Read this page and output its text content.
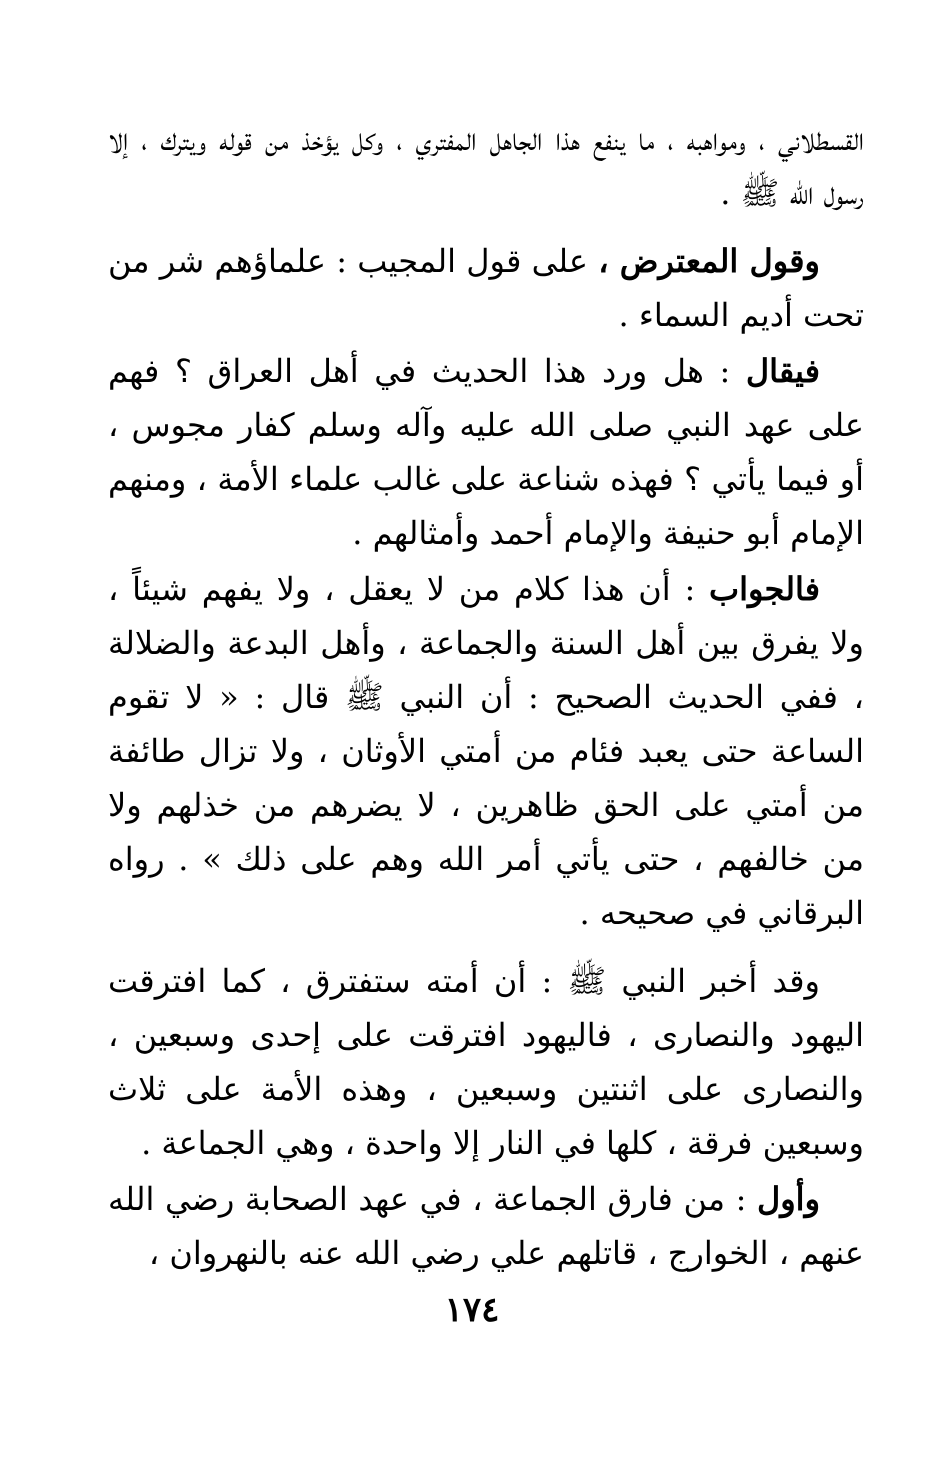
القسطلاني ، ومواهبه ، ما ينفع هذا الجاهل المفتري ، وكل يؤخذ من قوله ويترك ، إلا رسول الله ﷺ .

وقول المعترض ، على قول المجيب : علماؤهم شر من تحت أديم السماء .

فيقال : هل ورد هذا الحديث في أهل العراق ؟ فهم على عهد النبي صلى الله عليه وآله وسلم كفار مجوس ، أو فيما يأتي ؟ فهذه شناعة على غالب علماء الأمة ، ومنهم الإمام أبو حنيفة والإمام أحمد وأمثالهم .

فالجواب : أن هذا كلام من لا يعقل ، ولا يفهم شيئاً ، ولا يفرق بين أهل السنة والجماعة ، وأهل البدعة والضلالة ، ففي الحديث الصحيح : أن النبي ﷺ قال : « لا تقوم الساعة حتى يعبد فئام من أمتي الأوثان ، ولا تزال طائفة من أمتي على الحق ظاهرين ، لا يضرهم من خذلهم ولا من خالفهم ، حتى يأتي أمر الله وهم على ذلك » . رواه البرقاني في صحيحه .

وقد أخبر النبي ﷺ : أن أمته ستفترق ، كما افترقت اليهود والنصارى ، فاليهود افترقت على إحدى وسبعين ، والنصارى على اثنتين وسبعين ، وهذه الأمة على ثلاث وسبعين فرقة ، كلها في النار إلا واحدة ، وهي الجماعة .

وأول : من فارق الجماعة ، في عهد الصحابة رضي الله عنهم ، الخوارج ، قاتلهم علي رضي الله عنه بالنهروان ،

١٧٤
